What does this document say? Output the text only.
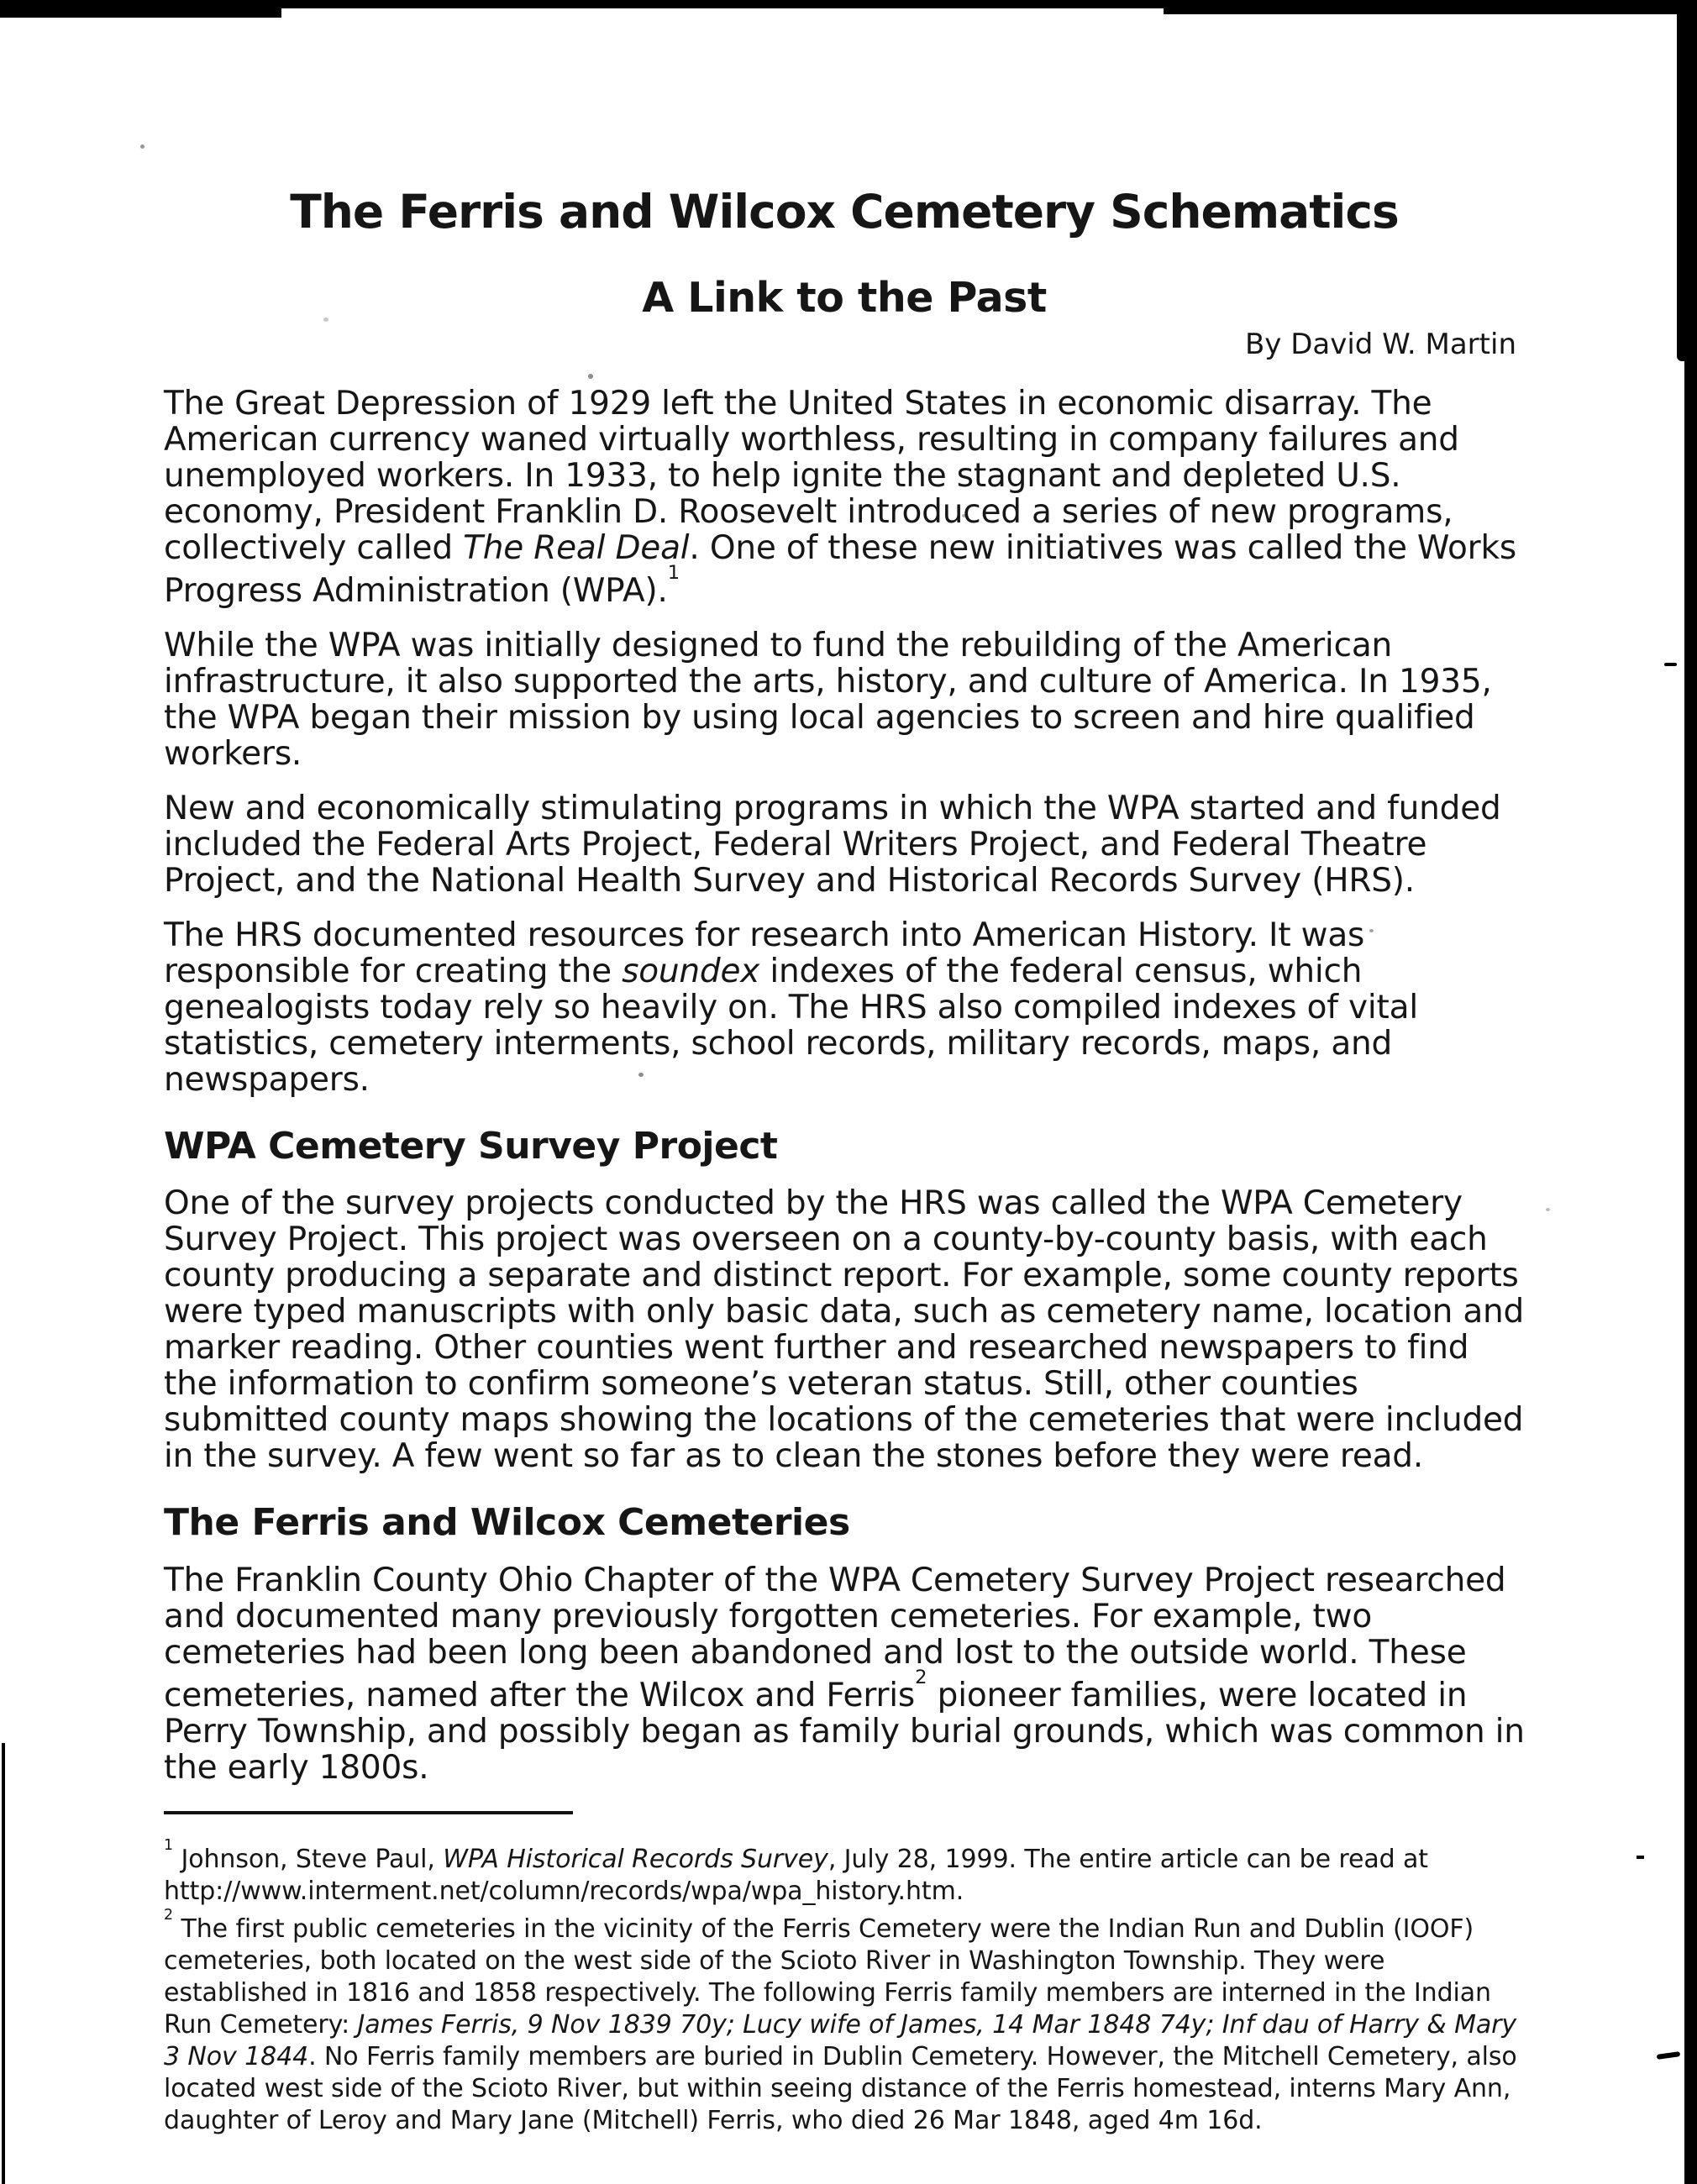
The Ferris and Wilcox Cemetery Schematics
A Link to the Past
By David W. Martin

The Great Depression of 1929 left the United States in economic disarray. The American currency waned virtually worthless, resulting in company failures and unemployed workers. In 1933, to help ignite the stagnant and depleted U.S. economy, President Franklin D. Roosevelt introduced a series of new programs, collectively called The Real Deal. One of these new initiatives was called the Works Progress Administration (WPA).$^1$

While the WPA was initially designed to fund the rebuilding of the American infrastructure, it also supported the arts, history, and culture of America. In 1935, the WPA began their mission by using local agencies to screen and hire qualified workers.

New and economically stimulating programs in which the WPA started and funded included the Federal Arts Project, Federal Writers Project, and Federal Theatre Project, and the National Health Survey and Historical Records Survey (HRS).

The HRS documented resources for research into American History. It was responsible for creating the soundex indexes of the federal census, which genealogists today rely so heavily on. The HRS also compiled indexes of vital statistics, cemetery interments, school records, military records, maps, and newspapers.

WPA Cemetery Survey Project

One of the survey projects conducted by the HRS was called the WPA Cemetery Survey Project. This project was overseen on a county-by-county basis, with each county producing a separate and distinct report. For example, some county reports were typed manuscripts with only basic data, such as cemetery name, location and marker reading. Other counties went further and researched newspapers to find the information to confirm someone’s veteran status. Still, other counties submitted county maps showing the locations of the cemeteries that were included in the survey. A few went so far as to clean the stones before they were read.

The Ferris and Wilcox Cemeteries

The Franklin County Ohio Chapter of the WPA Cemetery Survey Project researched and documented many previously forgotten cemeteries. For example, two cemeteries had been long been abandoned and lost to the outside world. These cemeteries, named after the Wilcox and Ferris$^2$ pioneer families, were located in Perry Township, and possibly began as family burial grounds, which was common in the early 1800s.

$^1$ Johnson, Steve Paul, WPA Historical Records Survey, July 28, 1999. The entire article can be read at http://www.interment.net/column/records/wpa/wpa_history.htm.

$^2$ The first public cemeteries in the vicinity of the Ferris Cemetery were the Indian Run and Dublin (IOOF) cemeteries, both located on the west side of the Scioto River in Washington Township. They were established in 1816 and 1858 respectively. The following Ferris family members are interned in the Indian Run Cemetery: James Ferris, 9 Nov 1839 70y; Lucy wife of James, 14 Mar 1848 74y; Inf dau of Harry & Mary 3 Nov 1844. No Ferris family members are buried in Dublin Cemetery. However, the Mitchell Cemetery, also located west side of the Scioto River, but within seeing distance of the Ferris homestead, interns Mary Ann, daughter of Leroy and Mary Jane (Mitchell) Ferris, who died 26 Mar 1848, aged 4m 16d.
